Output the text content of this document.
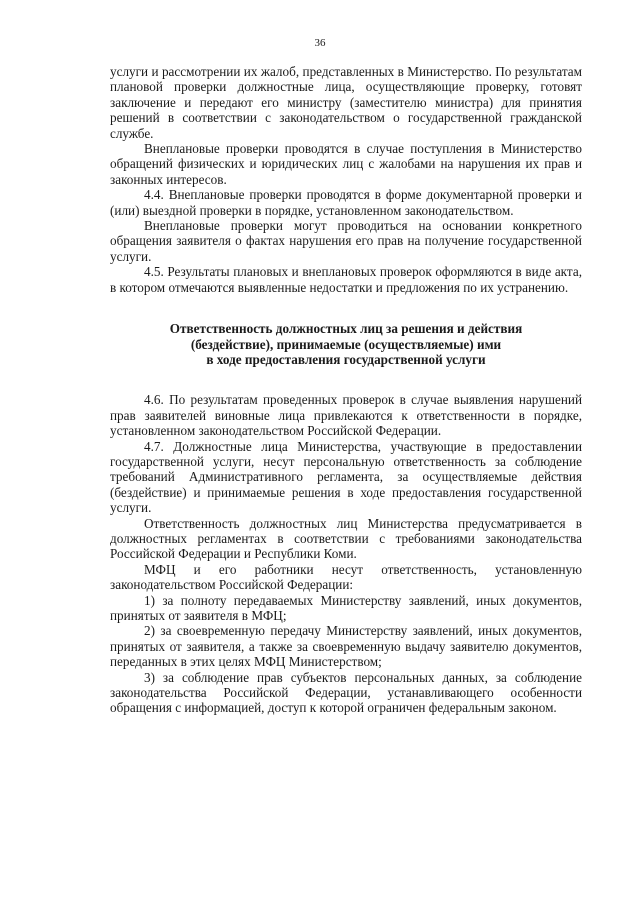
36

услуги и рассмотрении их жалоб, представленных в Министерство. По результатам плановой проверки должностные лица, осуществляющие проверку, готовят заключение и передают его министру (заместителю министра) для принятия решений в соответствии с законодательством о государственной гражданской службе.

Внеплановые проверки проводятся в случае поступления в Министерство обращений физических и юридических лиц с жалобами на нарушения их прав и законных интересов.

4.4. Внеплановые проверки проводятся в форме документарной проверки и (или) выездной проверки в порядке, установленном законодательством.

Внеплановые проверки могут проводиться на основании конкретного обращения заявителя о фактах нарушения его прав на получение государственной услуги.

4.5. Результаты плановых и внеплановых проверок оформляются в виде акта, в котором отмечаются выявленные недостатки и предложения по их устранению.

Ответственность должностных лиц за решения и действия
(бездействие), принимаемые (осуществляемые) ими
в ходе предоставления государственной услуги

4.6. По результатам проведенных проверок в случае выявления нарушений прав заявителей виновные лица привлекаются к ответственности в порядке, установленном законодательством Российской Федерации.

4.7. Должностные лица Министерства, участвующие в предоставлении государственной услуги, несут персональную ответственность за соблюдение требований Административного регламента, за осуществляемые действия (бездействие) и принимаемые решения в ходе предоставления государственной услуги.

Ответственность должностных лиц Министерства предусматривается в должностных регламентах в соответствии с требованиями законодательства Российской Федерации и Республики Коми.

МФЦ и его работники несут ответственность, установленную законодательством Российской Федерации:

1) за полноту передаваемых Министерству заявлений, иных документов, принятых от заявителя в МФЦ;

2) за своевременную передачу Министерству заявлений, иных документов, принятых от заявителя, а также за своевременную выдачу заявителю документов, переданных в этих целях МФЦ Министерством;

3) за соблюдение прав субъектов персональных данных, за соблюдение законодательства Российской Федерации, устанавливающего особенности обращения с информацией, доступ к которой ограничен федеральным законом.
